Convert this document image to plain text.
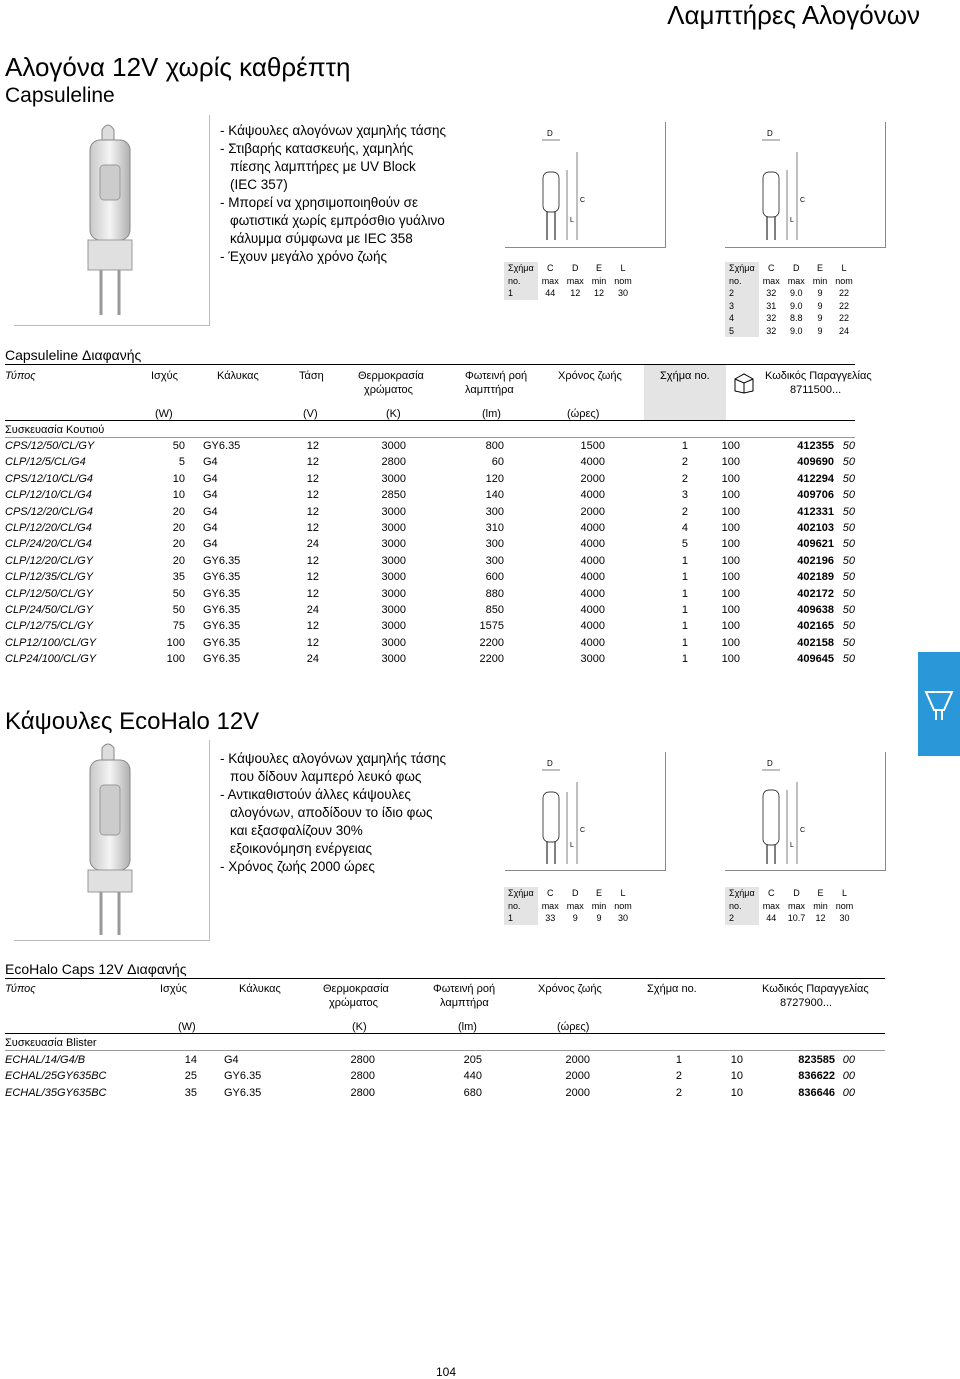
Λαμπτήρες Αλογόνων
Αλογόνα 12V χωρίς καθρέπτη
Capsuleline
- Κάψουλες αλογόνων χαμηλής τάσης
- Στιβαρής κατασκευής, χαμηλής
πίεσης λαμπτήρες με UV Block
(IEC 357)
- Μπορεί να χρησιμοποιηθούν σε
φωτιστικά χωρίς εμπρόσθιο γυάλινο
κάλυμμα σύμφωνα με IEC 358
- Έχουν μεγάλο χρόνο ζωής
D
L
C
D
L
C
Σχήμα	C	D	E	L
no.	max	max	min	nom
1	44	12	12	30
Σχήμα	C	D	E	L
no.	max	max	min	nom
2	32	9.0	9	22
3	31	9.0	9	22
4	32	8.8	9	22
5	32	9.0	9	24
Capsuleline Διαφανής
Τύπος	Ισχύς	Κάλυκας	Τάση	Θερμοκρασία
χρώματος
Φωτεινή ροή
λαμπτήρα
Χρόνος ζωής	Σχήμα no.	Κωδικός Παραγγελίας
8711500...
(W)	(V)	(K)	(lm)	(ώρες)
Συσκευασία Κουτιού
CPS/12/50/CL/GY	50 GY6.35	12	3000	800	1500	1	100	412355 50
CLP/12/5/CL/G4	5 G4	12	2800	60	4000	2	100	409690 50
CPS/12/10/CL/G4	10 G4	12	3000	120	2000	2	100	412294 50
CLP/12/10/CL/G4	10 G4	12	2850	140	4000	3	100	409706 50
CPS/12/20/CL/G4	20 G4	12	3000	300	2000	2	100	412331 50
CLP/12/20/CL/G4	20 G4	12	3000	310	4000	4	100	402103 50
CLP/24/20/CL/G4	20 G4	24	3000	300	4000	5	100	409621 50
CLP/12/20/CL/GY	20 GY6.35	12	3000	300	4000	1	100	402196 50
CLP/12/35/CL/GY	35 GY6.35	12	3000	600	4000	1	100	402189 50
CLP/12/50/CL/GY	50 GY6.35	12	3000	880	4000	1	100	402172 50
CLP/24/50/CL/GY	50 GY6.35	24	3000	850	4000	1	100	409638 50
CLP/12/75/CL/GY	75 GY6.35	12	3000	1575	4000	1	100	402165 50
CLP12/100/CL/GY	100 GY6.35	12	3000	2200	4000	1	100	402158 50
CLP24/100/CL/GY	100 GY6.35	24	3000	2200	3000	1	100	409645 50
Κάψουλες EcoHalo 12V
- Κάψουλες αλογόνων χαμηλής τάσης
που δίδουν λαμπερό λευκό φως
- Αντικαθιστούν άλλες κάψουλες
αλογόνων, αποδίδουν το ίδιο φως
και εξασφαλίζουν 30%
εξοικονόμηση ενέργειας
- Χρόνος ζωής 2000 ώρες
D
L
C
D
L
C
Σχήμα	C	D	E	L
no.	max	max	min	nom
1	33	9	9	30
Σχήμα	C	D	E	L
no.	max	max	min	nom
2	44	10.7	12	30
EcoHalo Caps 12V Διαφανής
Τύπος	Ισχύς	Κάλυκας	Θερμοκρασία
χρώματος
Φωτεινή ροή
λαμπτήρα
Χρόνος ζωής	Σχήμα no.	Κωδικός Παραγγελίας
8727900...
(W)	(K)	(lm)	(ώρες)
Συσκευασία Blister
ECHAL/14/G4/B	14 G4	2800	205	2000	1	10	823585 00
ECHAL/25GY635BC	25 GY6.35	2800	440	2000	2	10	836622 00
ECHAL/35GY635BC	35 GY6.35	2800	680	2000	2	10	836646 00
104
